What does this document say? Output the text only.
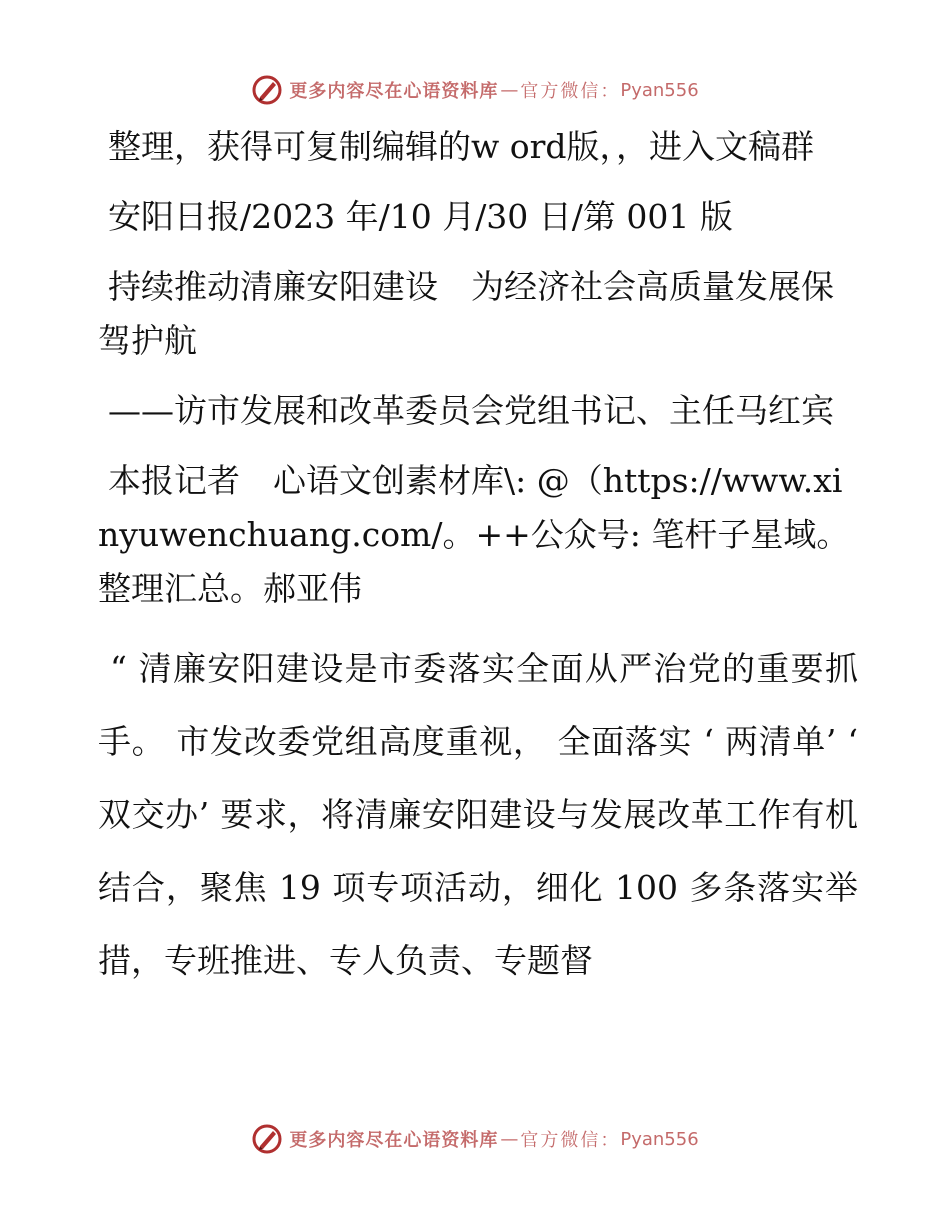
更多内容尽在心语资料库 — 官方微信： Pyan556

整理，获得可复制编辑的w ord版，，进入文稿群

安阳日报/2023 年/10 月/30 日/第 001 版

持续推动清廉安阳建设　为经济社会高质量发展保驾护航

——访市发展和改革委员会党组书记、主任马红宾

本报记者　心语文创素材库\: @（https://www.xinyuwenchuang.com/。++公众号: 笔杆子星域。整理汇总。郝亚伟

“ 清廉安阳建设是市委落实全面从严治党的重要抓手。 市发改委党组高度重视， 全面落实 ‘ 两清单’ ‘ 双交办’ 要求，将清廉安阳建设与发展改革工作有机结合，聚焦 19 项专项活动，细化 100 多条落实举措，专班推进、专人负责、专题督

更多内容尽在心语资料库 — 官方微信： Pyan556
